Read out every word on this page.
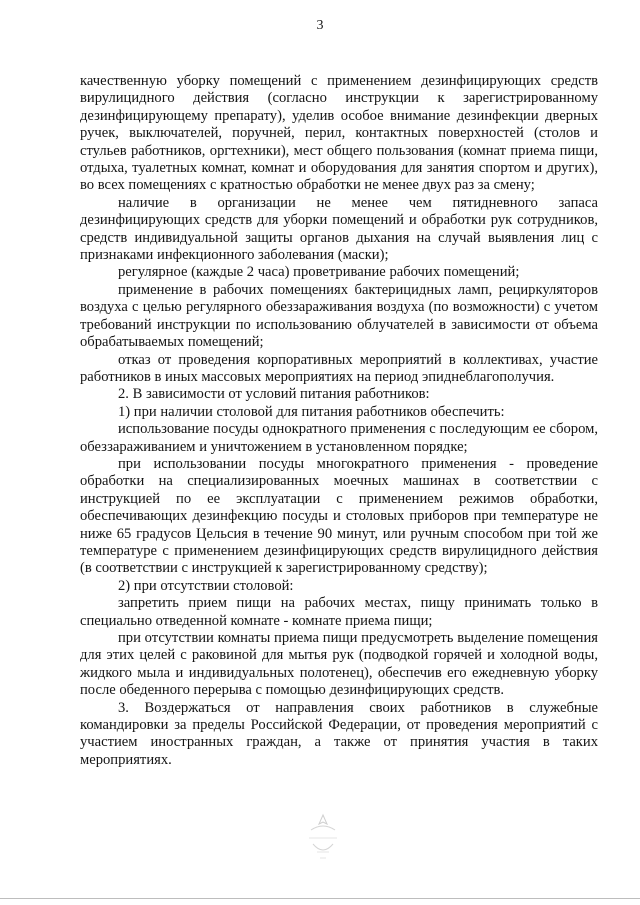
3

качественную уборку помещений с применением дезинфицирующих средств вирулицидного действия (согласно инструкции к зарегистрированному дезинфицирующему препарату), уделив особое внимание дезинфекции дверных ручек, выключателей, поручней, перил, контактных поверхностей (столов и стульев работников, оргтехники), мест общего пользования (комнат приема пищи, отдыха, туалетных комнат, комнат и оборудования для занятия спортом и других), во всех помещениях с кратностью обработки не менее двух раз за смену;

наличие в организации не менее чем пятидневного запаса дезинфицирующих средств для уборки помещений и обработки рук сотрудников, средств индивидуальной защиты органов дыхания на случай выявления лиц с признаками инфекционного заболевания (маски);

регулярное (каждые 2 часа) проветривание рабочих помещений;

применение в рабочих помещениях бактерицидных ламп, рециркуляторов воздуха с целью регулярного обеззараживания воздуха (по возможности) с учетом требований инструкции по использованию облучателей в зависимости от объема обрабатываемых помещений;

отказ от проведения корпоративных мероприятий в коллективах, участие работников в иных массовых мероприятиях на период эпиднеблагополучия.

2. В зависимости от условий питания работников:

1) при наличии столовой для питания работников обеспечить:

использование посуды однократного применения с последующим ее сбором, обеззараживанием и уничтожением в установленном порядке;

при использовании посуды многократного применения - проведение обработки на специализированных моечных машинах в соответствии с инструкцией по ее эксплуатации с применением режимов обработки, обеспечивающих дезинфекцию посуды и столовых приборов при температуре не ниже 65 градусов Цельсия в течение 90 минут, или ручным способом при той же температуре с применением дезинфицирующих средств вирулицидного действия (в соответствии с инструкцией к зарегистрированному средству);

2) при отсутствии столовой:

запретить прием пищи на рабочих местах, пищу принимать только в специально отведенной комнате - комнате приема пищи;

при отсутствии комнаты приема пищи предусмотреть выделение помещения для этих целей с раковиной для мытья рук (подводкой горячей и холодной воды, жидкого мыла и индивидуальных полотенец), обеспечив его ежедневную уборку после обеденного перерыва с помощью дезинфицирующих средств.

3. Воздержаться от направления своих работников в служебные командировки за пределы Российской Федерации, от проведения мероприятий с участием иностранных граждан, а также от принятия участия в таких мероприятиях.
